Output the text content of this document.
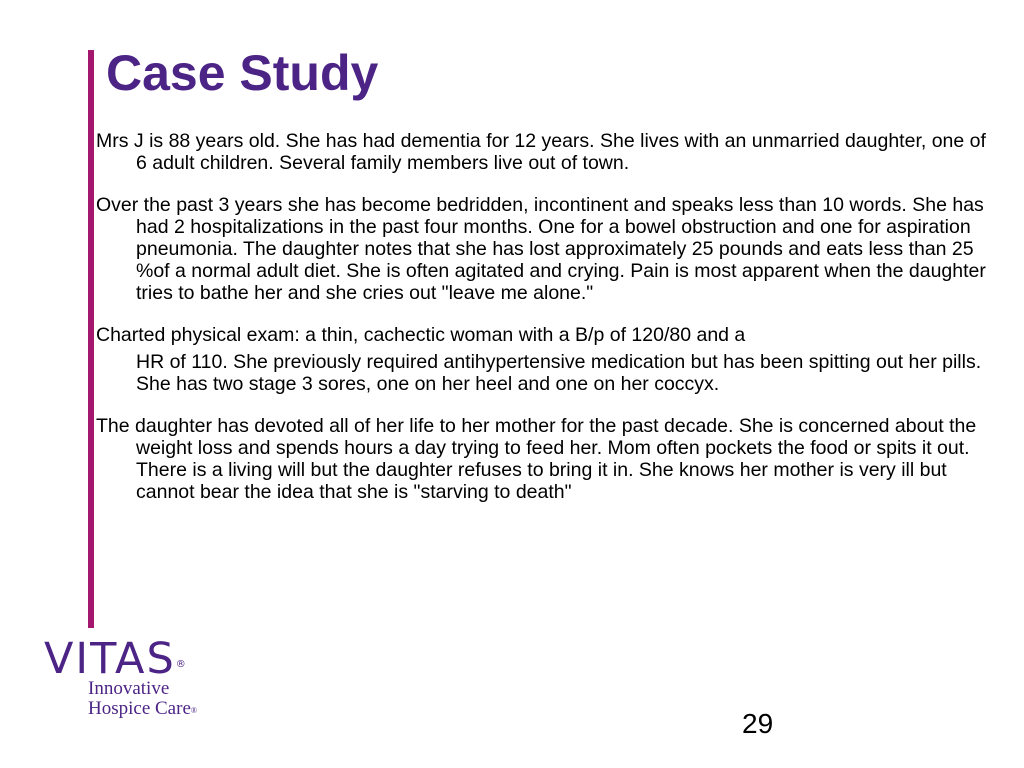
Case Study

Mrs J is 88 years old. She has had dementia for 12 years. She lives with an unmarried daughter, one of 6 adult children. Several family members live out of town.

Over the past 3 years she has become bedridden, incontinent and speaks less than 10 words. She has had 2 hospitalizations in the past four months. One for a bowel obstruction and one for aspiration pneumonia. The daughter notes that she has lost approximately 25 pounds and eats less than 25 %of a normal adult diet. She is often agitated and crying. Pain is most apparent when the daughter tries to bathe her and she cries out "leave me alone."

Charted physical exam: a thin, cachectic woman with a B/p of 120/80 and a
HR of 110. She previously required antihypertensive medication but has been spitting out her pills. She has two stage 3 sores, one on her heel and one on her coccyx.

The daughter has devoted all of her life to her mother for the past decade. She is concerned about the weight loss and spends hours a day trying to feed her. Mom often pockets the food or spits it out. There is a living will but the daughter refuses to bring it in. She knows her mother is very ill but cannot bear the idea that she is "starving to death"

VITAS®
Innovative
Hospice Care®	29
